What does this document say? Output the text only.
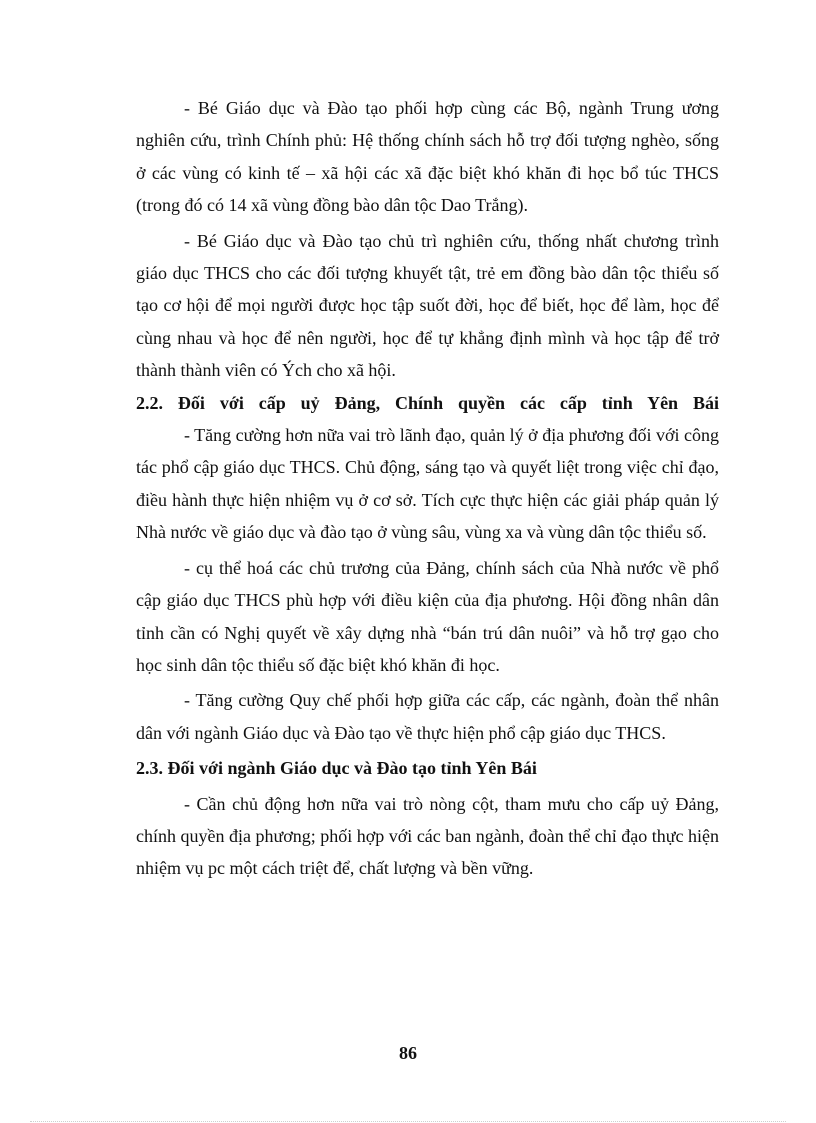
- Bé Giáo dục và Đào tạo phối hợp cùng các Bộ, ngành Trung ương nghiên cứu, trình Chính phủ: Hệ thống chính sách hỗ trợ đối tượng nghèo, sống ở các vùng có kinh tế – xã hội các xã đặc biệt khó khăn đi học bổ túc THCS (trong đó có 14 xã vùng đồng bào dân tộc Dao Trắng).

- Bé Giáo dục và Đào tạo chủ trì nghiên cứu, thống nhất chương trình giáo dục THCS cho các đối tượng khuyết tật, trẻ em đồng bào dân tộc thiểu số tạo cơ hội để mọi người được học tập suốt đời, học để biết, học để làm, học để cùng nhau và học để nên người, học để tự khẳng định mình và học tập để trở thành thành viên có Ých cho xã hội.

2.2. Đối với cấp uỷ Đảng, Chính quyền các cấp tỉnh Yên Bái

- Tăng cường hơn nữa vai trò lãnh đạo, quản lý ở địa phương đối với công tác phổ cập giáo dục THCS. Chủ động, sáng tạo và quyết liệt trong việc chỉ đạo, điều hành thực hiện nhiệm vụ ở cơ sở. Tích cực thực hiện các giải pháp quản lý Nhà nước về giáo dục và đào tạo ở vùng sâu, vùng xa và vùng dân tộc thiểu số.

- cụ thể hoá các chủ trương của Đảng, chính sách của Nhà nước về phổ cập giáo dục THCS phù hợp với điều kiện của địa phương. Hội đồng nhân dân tỉnh cần có Nghị quyết về xây dựng nhà “bán trú dân nuôi” và hỗ trợ gạo cho học sinh dân tộc thiểu số đặc biệt khó khăn đi học.

- Tăng cường Quy chế phối hợp giữa các cấp, các ngành, đoàn thể nhân dân với ngành Giáo dục và Đào tạo về thực hiện phổ cập giáo dục THCS.

2.3. Đối với ngành Giáo dục và Đào tạo tỉnh Yên Bái

- Cần chủ động hơn nữa vai trò nòng cột, tham mưu cho cấp uỷ Đảng, chính quyền địa phương; phối hợp với các ban ngành, đoàn thể chỉ đạo thực hiện nhiệm vụ pc một cách triệt để, chất lượng và bền vững.

86
